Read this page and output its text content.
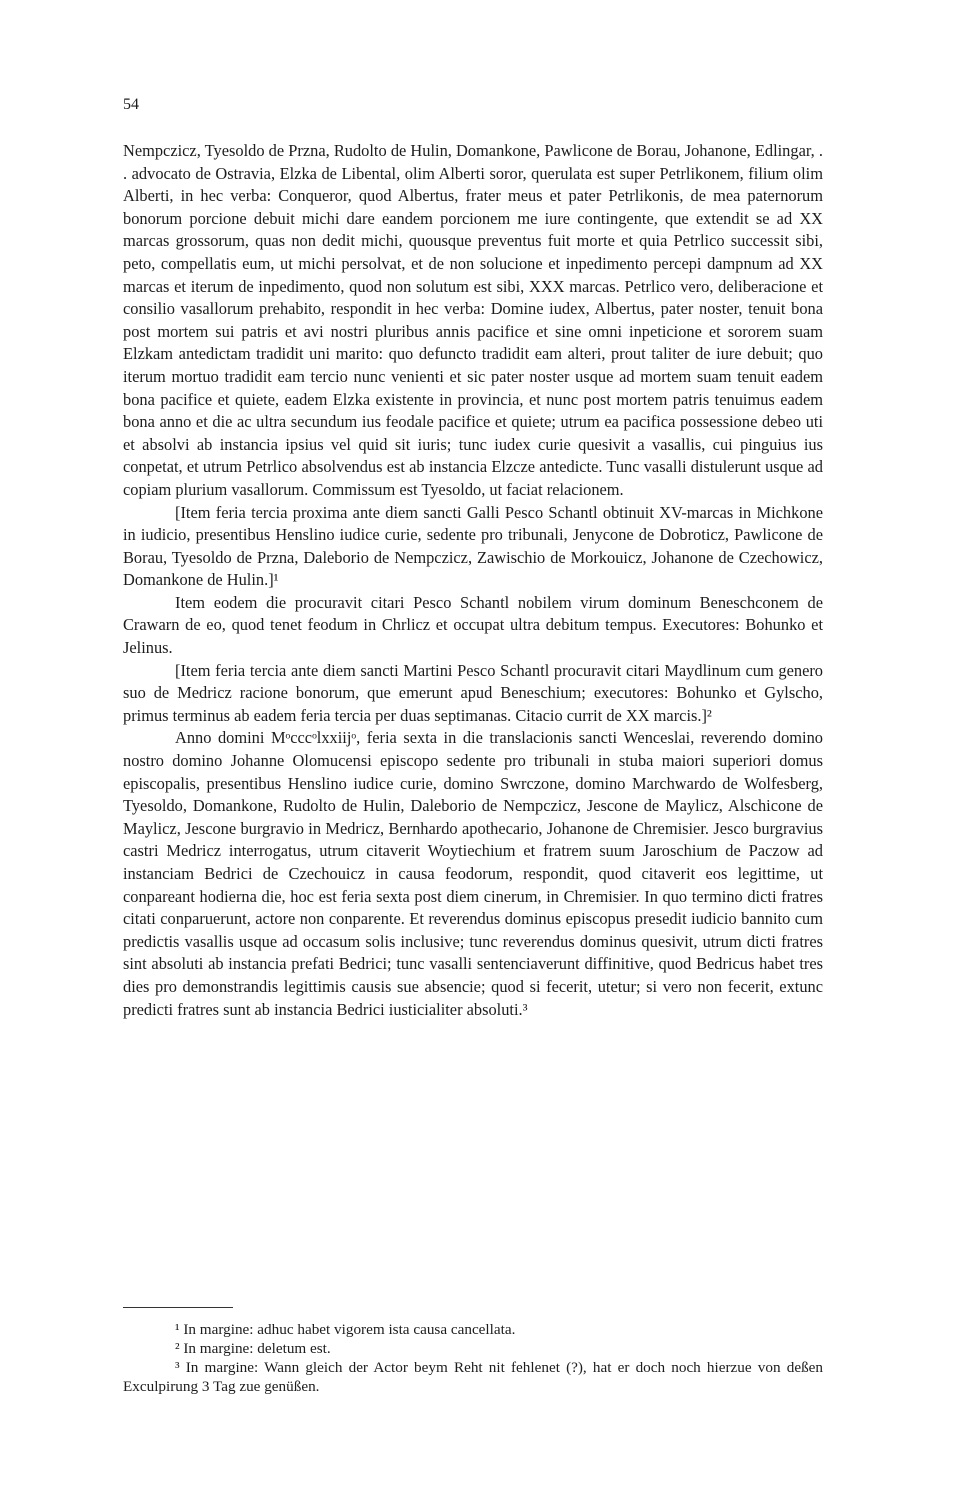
54

Nempczicz, Tyesoldo de Przna, Rudolto de Hulin, Domankone, Pawlicone de Borau, Johanone, Edlingar, . . advocato de Ostravia, Elzka de Libental, olim Alberti soror, querulata est super Petrlikonem, filium olim Alberti, in hec verba: Conqueror, quod Albertus, frater meus et pater Petrlikonis, de mea paternorum bonorum porcione debuit michi dare eandem porcionem me iure contingente, que extendit se ad XX marcas grossorum, quas non dedit michi, quousque preventus fuit morte et quia Petrlico successit sibi, peto, compellatis eum, ut michi persolvat, et de non solucione et inpedimento percepi dampnum ad XX marcas et iterum de inpedimento, quod non solutum est sibi, XXX marcas. Petrlico vero, deliberacione et consilio vasallorum prehabito, respondit in hec verba: Domine iudex, Albertus, pater noster, tenuit bona post mortem sui patris et avi nostri pluribus annis pacifice et sine omni inpeticione et sororem suam Elzkam antedictam tradidit uni marito: quo defuncto tradidit eam alteri, prout taliter de iure debuit; quo iterum mortuo tradidit eam tercio nunc venienti et sic pater noster usque ad mortem suam tenuit eadem bona pacifice et quiete, eadem Elzka existente in provincia, et nunc post mortem patris tenuimus eadem bona anno et die ac ultra secundum ius feodale pacifice et quiete; utrum ea pacifica possessione debeo uti et absolvi ab instancia ipsius vel quid sit iuris; tunc iudex curie quesivit a vasallis, cui pinguius ius conpetat, et utrum Petrlico absolvendus est ab instancia Elzcze antedicte. Tunc vasalli distulerunt usque ad copiam plurium vasallorum. Commissum est Tyesoldo, ut faciat relacionem.

[Item feria tercia proxima ante diem sancti Galli Pesco Schantl obtinuit XV-marcas in Michkone in iudicio, presentibus Henslino iudice curie, sedente pro tribunali, Jenycone de Dobroticz, Pawlicone de Borau, Tyesoldo de Przna, Daleborio de Nempczicz, Zawischio de Morkouicz, Johanone de Czechowicz, Domankone de Hulin.]¹

Item eodem die procuravit citari Pesco Schantl nobilem virum dominum Beneschconem de Crawarn de eo, quod tenet feodum in Chrlicz et occupat ultra debitum tempus. Executores: Bohunko et Jelinus.

[Item feria tercia ante diem sancti Martini Pesco Schantl procuravit citari Maydlinum cum genero suo de Medricz racione bonorum, que emerunt apud Beneschium; executores: Bohunko et Gylscho, primus terminus ab eadem feria tercia per duas septimanas. Citacio currit de XX marcis.]²

Anno domini Mᵒcccᵒlxxiijᵒ, feria sexta in die translacionis sancti Wenceslai, reverendo domino nostro domino Johanne Olomucensi episcopo sedente pro tribunali in stuba maiori superiori domus episcopalis, presentibus Henslino iudice curie, domino Swrczone, domino Marchwardo de Wolfesberg, Tyesoldo, Domankone, Rudolto de Hulin, Daleborio de Nempczicz, Jescone de Maylicz, Alschicone de Maylicz, Jescone burgravio in Medricz, Bernhardo apothecario, Johanone de Chremisier. Jesco burgravius castri Medricz interrogatus, utrum citaverit Woytiechium et fratrem suum Jaroschium de Paczow ad instanciam Bedrici de Czechouicz in causa feodorum, respondit, quod citaverit eos legittime, ut conpareant hodierna die, hoc est feria sexta post diem cinerum, in Chremisier. In quo termino dicti fratres citati conparuerunt, actore non conparente. Et reverendus dominus episcopus presedit iudicio bannito cum predictis vasallis usque ad occasum solis inclusive; tunc reverendus dominus quesivit, utrum dicti fratres sint absoluti ab instancia prefati Bedrici; tunc vasalli sentenciaverunt diffinitive, quod Bedricus habet tres dies pro demonstrandis legittimis causis sue absencie; quod si fecerit, utetur; si vero non fecerit, extunc predicti fratres sunt ab instancia Bedrici iusticialiter absoluti.³

¹ In margine: adhuc habet vigorem ista causa cancellata.

² In margine: deletum est.

³ In margine: Wann gleich der Actor beym Reht nit fehlenet (?), hat er doch noch hierzue von deßen Exculpirung 3 Tag zue genüßen.
